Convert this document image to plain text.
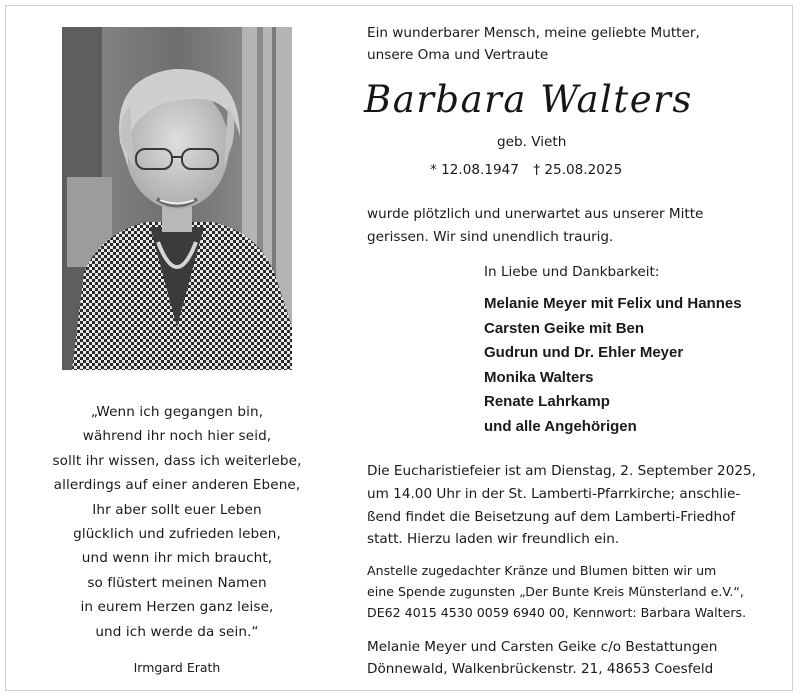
„Wenn ich gegangen bin,
während ihr noch hier seid,
sollt ihr wissen, dass ich weiterlebe,
allerdings auf einer anderen Ebene,
Ihr aber sollt euer Leben
glücklich und zufrieden leben,
und wenn ihr mich braucht,
so flüstert meinen Namen
in eurem Herzen ganz leise,
und ich werde da sein.“
Irmgard Erath
Ein wunderbarer Mensch, meine geliebte Mutter,
unsere Oma und Vertraute
Barbara Walters
geb. Vieth
* 12.08.1947 † 25.08.2025
wurde plötzlich und unerwartet aus unserer Mitte
gerissen. Wir sind unendlich traurig.
In Liebe und Dankbarkeit:
Melanie Meyer mit Felix und Hannes
Carsten Geike mit Ben
Gudrun und Dr. Ehler Meyer
Monika Walters
Renate Lahrkamp
und alle Angehörigen
Die Eucharistiefeier ist am Dienstag, 2. September 2025,
um 14.00 Uhr in der St. Lamberti-Pfarrkirche; anschlie-
ßend findet die Beisetzung auf dem Lamberti-Friedhof
statt. Hierzu laden wir freundlich ein.
Anstelle zugedachter Kränze und Blumen bitten wir um
eine Spende zugunsten „Der Bunte Kreis Münsterland e.V.“,
DE62 4015 4530 0059 6940 00, Kennwort: Barbara Walters.
Melanie Meyer und Carsten Geike c/o Bestattungen
Dönnewald, Walkenbrückenstr. 21, 48653 Coesfeld
